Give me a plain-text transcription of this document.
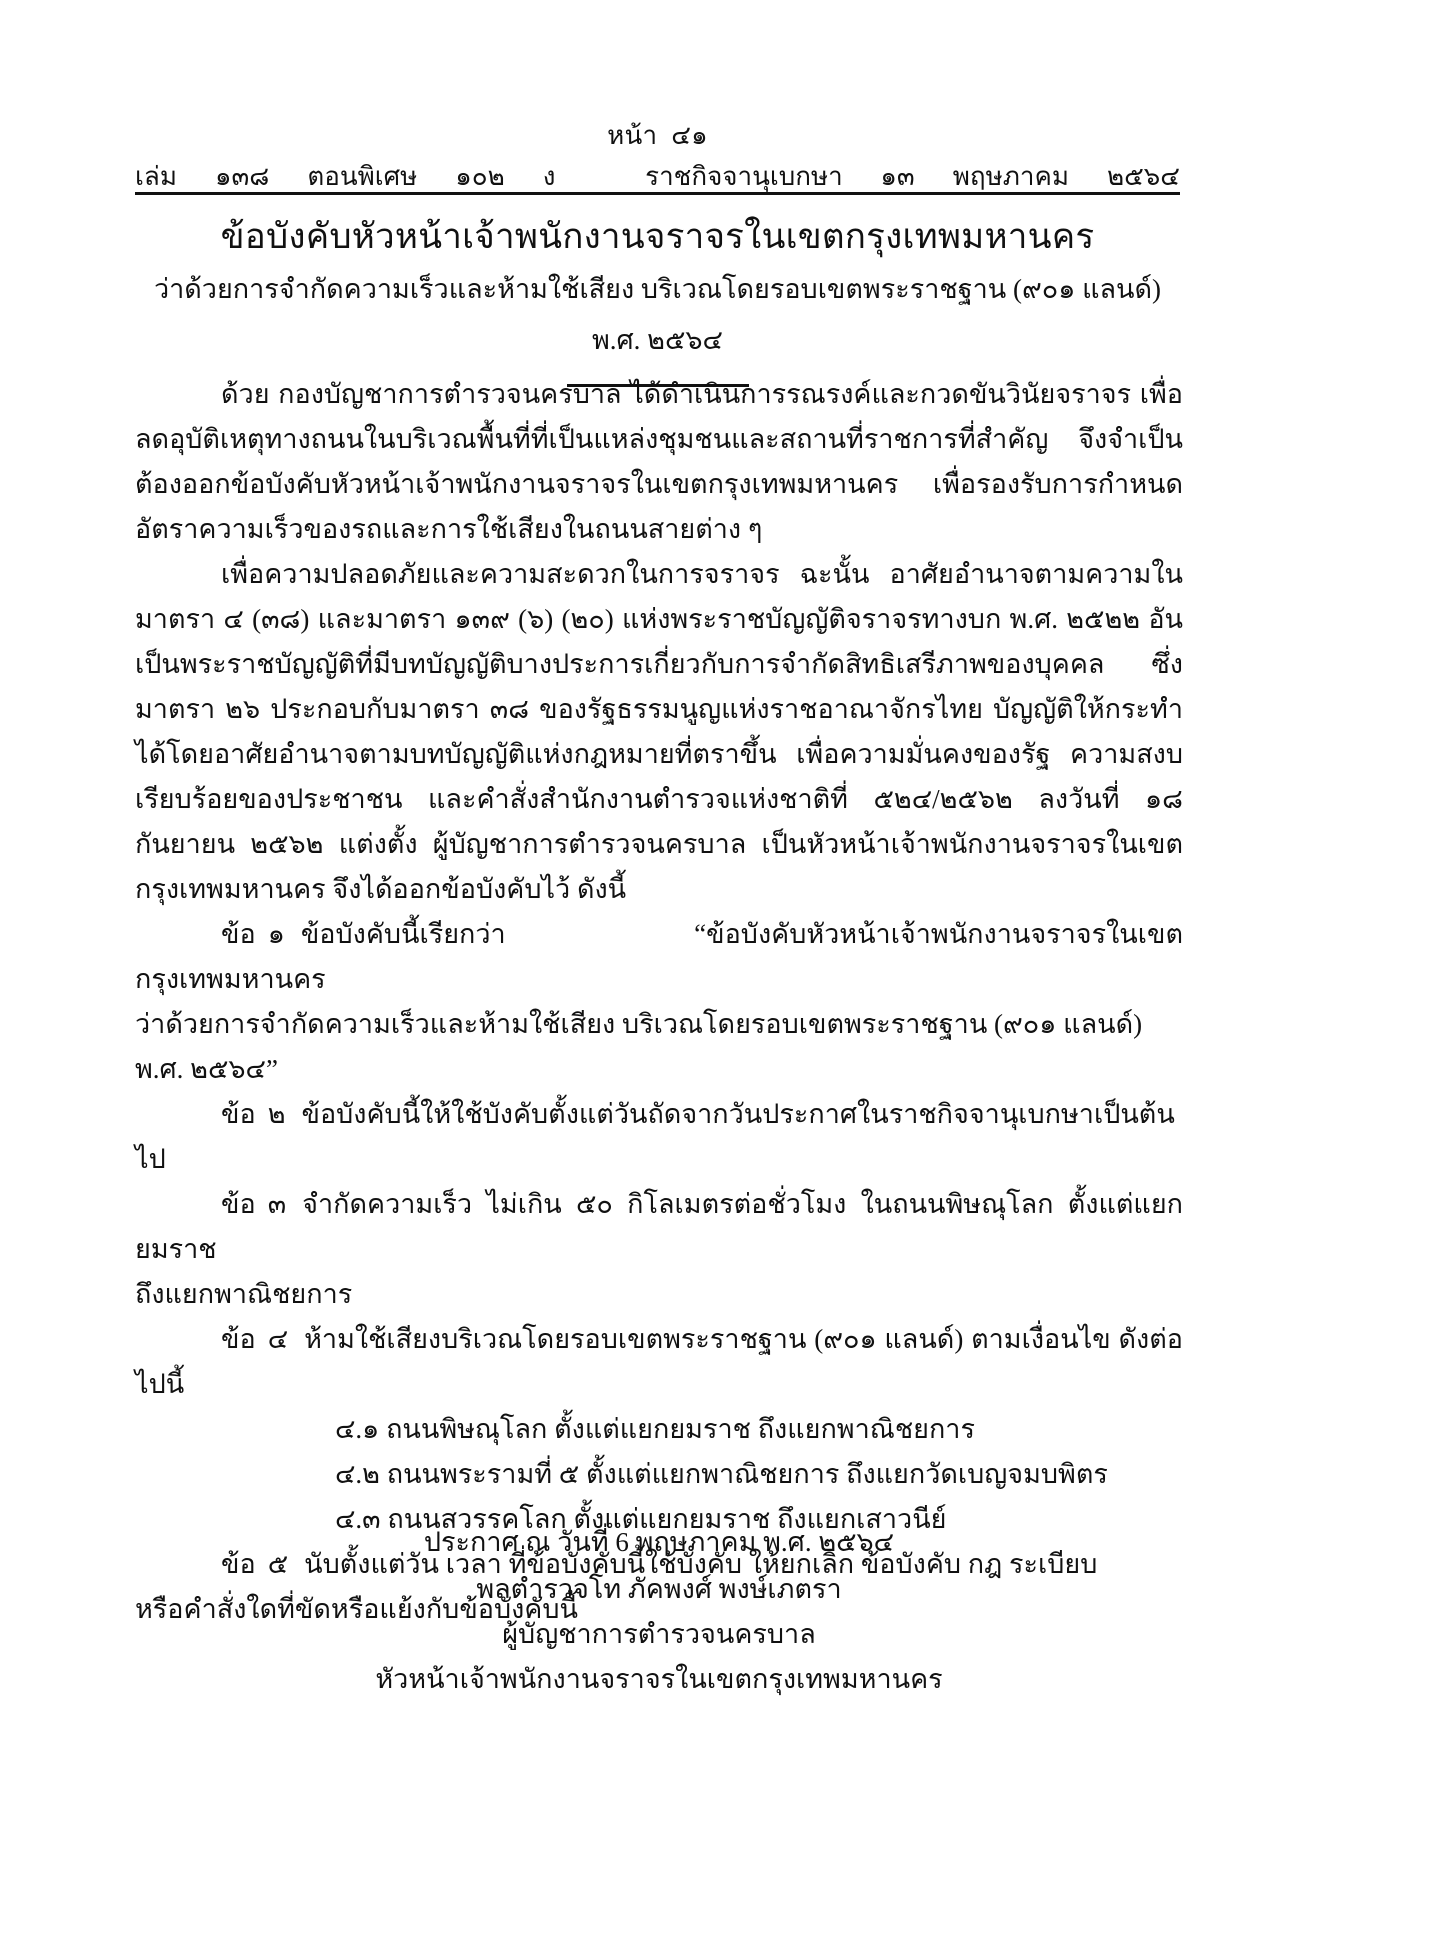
หน้า ๔๑
เล่ม ๑๓๘ ตอนพิเศษ ๑๐๒ ง	ราชกิจจานุเบกษา ๑๓ พฤษภาคม ๒๕๖๔
ข้อบังคับหัวหน้าเจ้าพนักงานจราจรในเขตกรุงเทพมหานคร

ว่าด้วยการจำกัดความเร็วและห้ามใช้เสียง บริเวณโดยรอบเขตพระราชฐาน (๙๐๑ แลนด์)

พ.ศ. ๒๕๖๔

ด้วย กองบัญชาการตำรวจนครบาล ได้ดำเนินการรณรงค์และกวดขันวินัยจราจร เพื่อลดอุบัติเหตุทางถนนในบริเวณพื้นที่ที่เป็นแหล่งชุมชนและสถานที่ราชการที่สำคัญ จึงจำเป็นต้องออกข้อบังคับหัวหน้าเจ้าพนักงานจราจรในเขตกรุงเทพมหานคร เพื่อรองรับการกำหนดอัตราความเร็วของรถและการใช้เสียงในถนนสายต่าง ๆ

เพื่อความปลอดภัยและความสะดวกในการจราจร ฉะนั้น อาศัยอำนาจตามความในมาตรา ๔ (๓๘) และมาตรา ๑๓๙ (๖) (๒๐) แห่งพระราชบัญญัติจราจรทางบก พ.ศ. ๒๕๒๒ อันเป็นพระราชบัญญัติที่มีบทบัญญัติบางประการเกี่ยวกับการจำกัดสิทธิเสรีภาพของบุคคล ซึ่งมาตรา ๒๖ ประกอบกับมาตรา ๓๘ ของรัฐธรรมนูญแห่งราชอาณาจักรไทย บัญญัติให้กระทำได้โดยอาศัยอำนาจตามบทบัญญัติแห่งกฎหมายที่ตราขึ้น เพื่อความมั่นคงของรัฐ ความสงบเรียบร้อยของประชาชน และคำสั่งสำนักงานตำรวจแห่งชาติที่ ๕๒๔/๒๕๖๒ ลงวันที่ ๑๘ กันยายน ๒๕๖๒ แต่งตั้ง ผู้บัญชาการตำรวจนครบาล เป็นหัวหน้าเจ้าพนักงานจราจรในเขตกรุงเทพมหานคร จึงได้ออกข้อบังคับไว้ ดังนี้

ข้อ ๑ ข้อบังคับนี้เรียกว่า “ข้อบังคับหัวหน้าเจ้าพนักงานจราจรในเขตกรุงเทพมหานคร

ว่าด้วยการจำกัดความเร็วและห้ามใช้เสียง บริเวณโดยรอบเขตพระราชฐาน (๙๐๑ แลนด์) พ.ศ. ๒๕๖๔”

ข้อ ๒ ข้อบังคับนี้ให้ใช้บังคับตั้งแต่วันถัดจากวันประกาศในราชกิจจานุเบกษาเป็นต้นไป

ข้อ ๓ จำกัดความเร็ว ไม่เกิน ๕๐ กิโลเมตรต่อชั่วโมง ในถนนพิษณุโลก ตั้งแต่แยกยมราช

ถึงแยกพาณิชยการ

ข้อ ๔ ห้ามใช้เสียงบริเวณโดยรอบเขตพระราชฐาน (๙๐๑ แลนด์) ตามเงื่อนไข ดังต่อไปนี้

๔.๑ ถนนพิษณุโลก ตั้งแต่แยกยมราช ถึงแยกพาณิชยการ

๔.๒ ถนนพระรามที่ ๕ ตั้งแต่แยกพาณิชยการ ถึงแยกวัดเบญจมบพิตร

๔.๓ ถนนสวรรคโลก ตั้งแต่แยกยมราช ถึงแยกเสาวนีย์

ข้อ ๕ นับตั้งแต่วัน เวลา ที่ข้อบังคับนี้ใช้บังคับ ให้ยกเลิก ข้อบังคับ กฎ ระเบียบ

หรือคำสั่งใดที่ขัดหรือแย้งกับข้อบังคับนี้

ประกาศ ณ วันที่ 6 พฤษภาคม พ.ศ. ๒๕๖๔

พลตำรวจโท ภัคพงศ์ พงษ์เภตรา

ผู้บัญชาการตำรวจนครบาล

หัวหน้าเจ้าพนักงานจราจรในเขตกรุงเทพมหานคร
